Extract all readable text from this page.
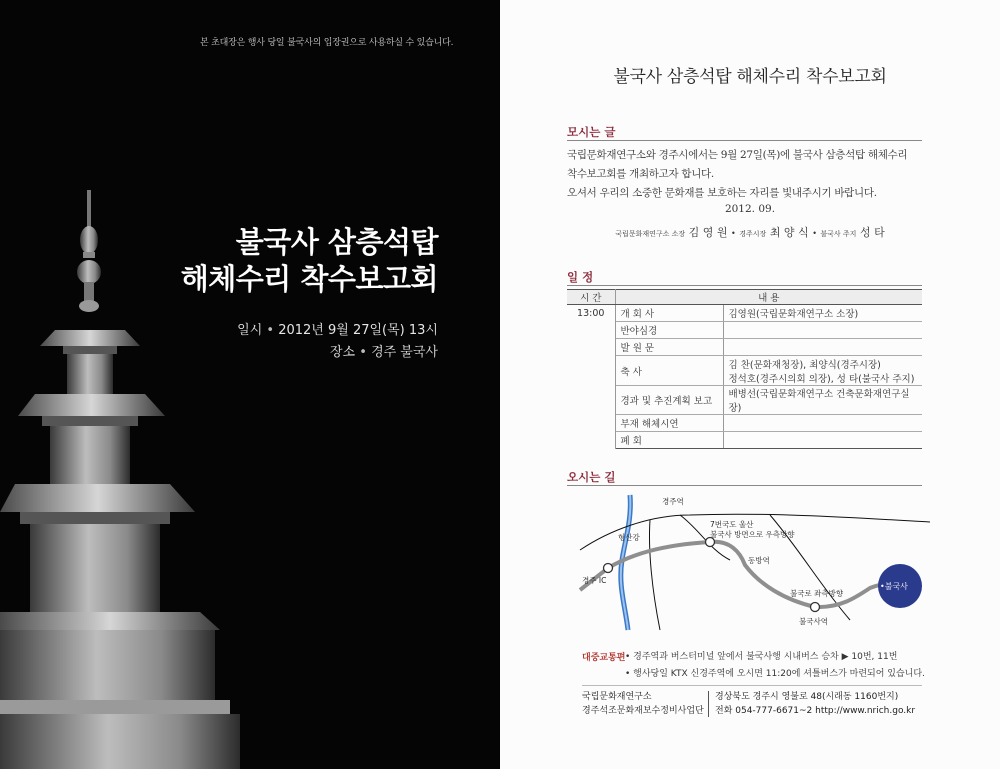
본 초대장은 행사 당일 불국사의 입장권으로 사용하실 수 있습니다.
불국사 삼층석탑
해체수리 착수보고회
일시 • 2012년 9월 27일(목) 13시
장소 • 경주 불국사
불국사 삼층석탑 해체수리 착수보고회
모시는 글
국립문화재연구소와 경주시에서는 9월 27일(목)에 불국사 삼층석탑 해체수리
착수보고회를 개최하고자 합니다.
오셔서 우리의 소중한 문화재를 보호하는 자리를 빛내주시기 바랍니다.
2012. 09.
국립문화재연구소 소장 김 영 원 • 경주시장 최 양 식 • 불국사 주지 성 타
일 정
시 간	내 용	
13:00	개 회 사	김영원(국립문화재연구소 소장)
	반야심경	
	발 원 문	
	축 사	김 찬(문화재청장), 최양식(경주시장)
정석호(경주시의회 의장), 성 타(불국사 주지)

	경과 및 추진계획 보고	배병선(국립문화재연구소 건축문화재연구실장)
	부재 해체시연	
	폐 회	
오시는 길
경주역
형산강
경주 IC
7번국도 울산
불국사 방면으로 우측방향
동방역
불국로 좌측방향
불국사역
•불국사
대중교통편 • 경주역과 버스터미널 앞에서 불국사행 시내버스 승차 ▶ 10번, 11번
• 행사당일 KTX 신경주역에 오시면 11:20에 셔틀버스가 마련되어 있습니다.
국립문화재연구소
경주석조문화재보수정비사업단
경상북도 경주시 영불로 48(시래동 1160번지)
전화 054-777-6671~2 http://www.nrich.go.kr
